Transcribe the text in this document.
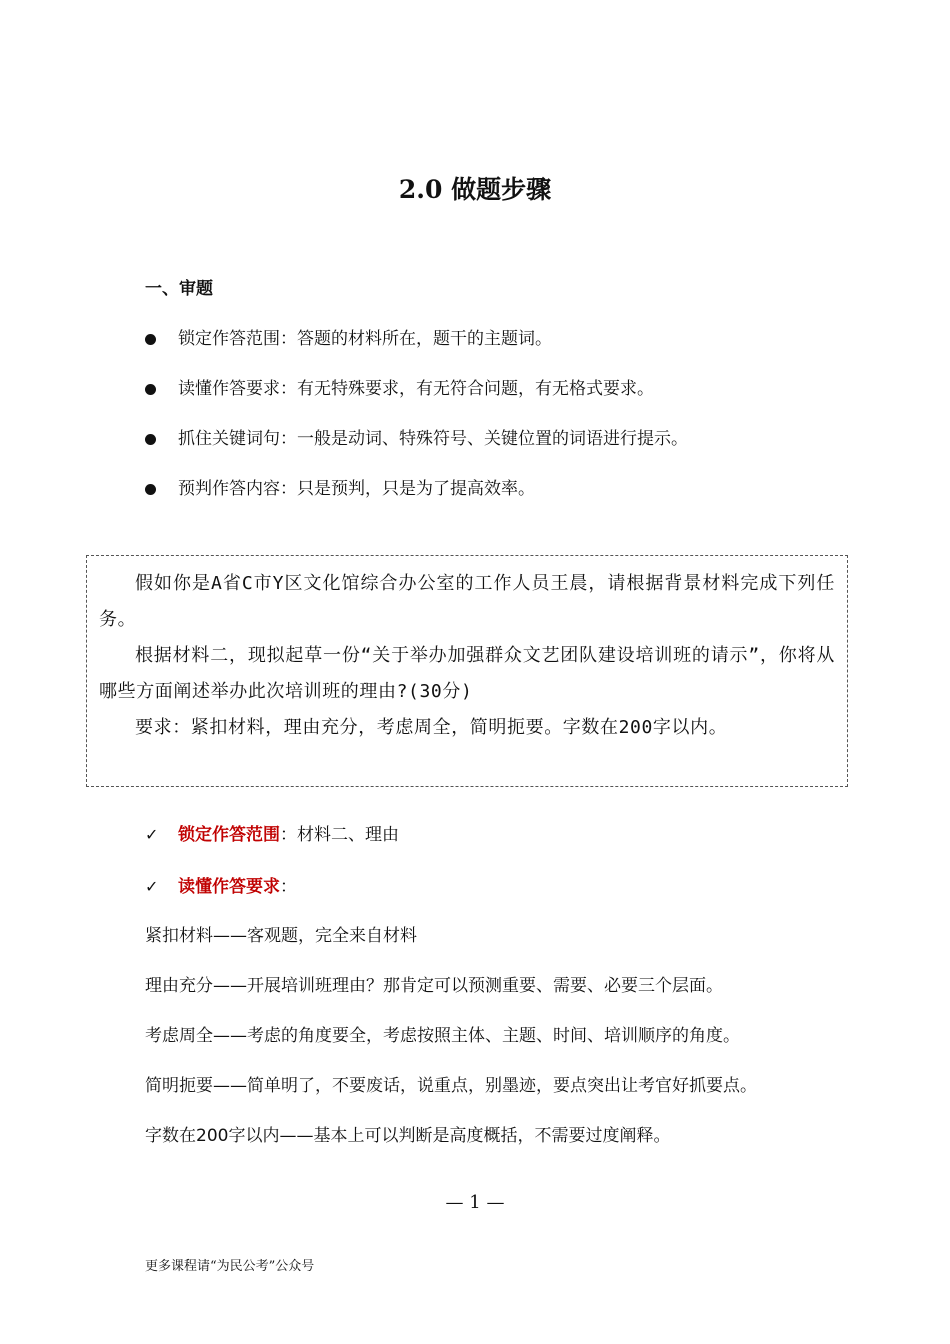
2.0 做题步骤
一、审题
锁定作答范围：答题的材料所在，题干的主题词。
读懂作答要求：有无特殊要求，有无符合问题，有无格式要求。
抓住关键词句：一般是动词、特殊符号、关键位置的词语进行提示。
预判作答内容：只是预判，只是为了提高效率。

假如你是A省C市Y区文化馆综合办公室的工作人员王晨，请根据背景材料完成下列任务。

根据材料二，现拟起草一份“关于举办加强群众文艺团队建设培训班的请示”，你将从哪些方面阐述举办此次培训班的理由?(30分)

要求：紧扣材料，理由充分，考虑周全，简明扼要。字数在200字以内。

✓ 锁定作答范围：材料二、理由
✓ 读懂作答要求：
紧扣材料——客观题，完全来自材料
理由充分——开展培训班理由？那肯定可以预测重要、需要、必要三个层面。
考虑周全——考虑的角度要全，考虑按照主体、主题、时间、培训顺序的角度。
简明扼要——简单明了，不要废话，说重点，别墨迹，要点突出让考官好抓要点。
字数在200字以内——基本上可以判断是高度概括，不需要过度阐释。
— 1 —
更多课程请“为民公考”公众号
